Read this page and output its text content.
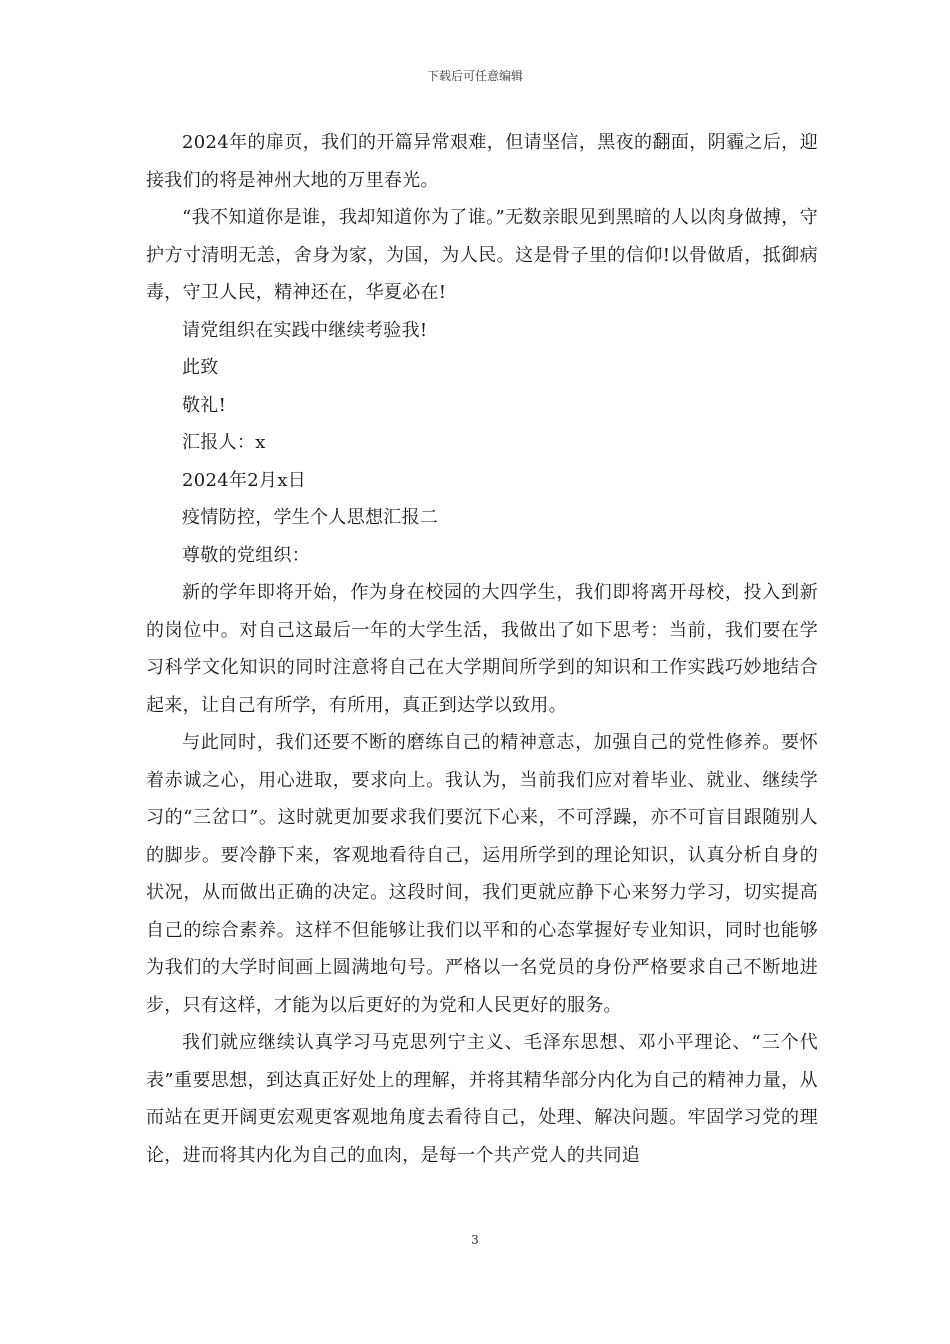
下载后可任意编辑

2024年的扉页，我们的开篇异常艰难，但请坚信，黑夜的翻面，阴霾之后，迎接我们的将是神州大地的万里春光。

“我不知道你是谁，我却知道你为了谁。”无数亲眼见到黑暗的人以肉身做搏，守护方寸清明无恙，舍身为家，为国，为人民。这是骨子里的信仰!以骨做盾，抵御病毒，守卫人民，精神还在，华夏必在!

请党组织在实践中继续考验我!

此致

敬礼!

汇报人：x

2024年2月x日

疫情防控，学生个人思想汇报二

尊敬的党组织：

新的学年即将开始，作为身在校园的大四学生，我们即将离开母校，投入到新的岗位中。对自己这最后一年的大学生活，我做出了如下思考：当前，我们要在学习科学文化知识的同时注意将自己在大学期间所学到的知识和工作实践巧妙地结合起来，让自己有所学，有所用，真正到达学以致用。

与此同时，我们还要不断的磨练自己的精神意志，加强自己的党性修养。要怀着赤诚之心，用心进取，要求向上。我认为，当前我们应对着毕业、就业、继续学习的“三岔口”。这时就更加要求我们要沉下心来，不可浮躁，亦不可盲目跟随别人的脚步。要冷静下来，客观地看待自己，运用所学到的理论知识，认真分析自身的状况，从而做出正确的决定。这段时间，我们更就应静下心来努力学习，切实提高自己的综合素养。这样不但能够让我们以平和的心态掌握好专业知识，同时也能够为我们的大学时间画上圆满地句号。严格以一名党员的身份严格要求自己不断地进步，只有这样，才能为以后更好的为党和人民更好的服务。

我们就应继续认真学习马克思列宁主义、毛泽东思想、邓小平理论、“三个代表”重要思想，到达真正好处上的理解，并将其精华部分内化为自己的精神力量，从而站在更开阔更宏观更客观地角度去看待自己，处理、解决问题。牢固学习党的理论，进而将其内化为自己的血肉，是每一个共产党人的共同追

3
